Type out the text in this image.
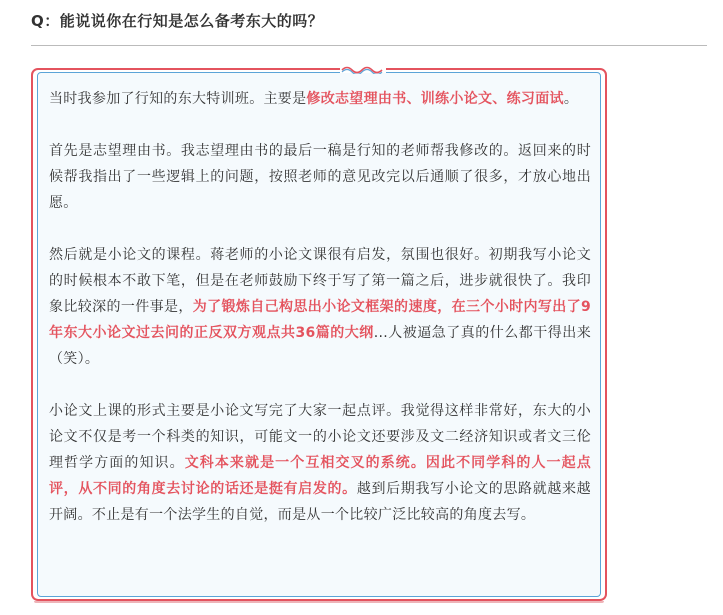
Q：能说说你在行知是怎么备考东大的吗？

当时我参加了行知的东大特训班。主要是修改志望理由书、训练小论文、练习面试。

首先是志望理由书。我志望理由书的最后一稿是行知的老师帮我修改的。返回来的时候帮我指出了一些逻辑上的问题，按照老师的意见改完以后通顺了很多，才放心地出愿。

然后就是小论文的课程。蒋老师的小论文课很有启发，氛围也很好。初期我写小论文的时候根本不敢下笔，但是在老师鼓励下终于写了第一篇之后，进步就很快了。我印象比较深的一件事是，为了锻炼自己构思出小论文框架的速度，在三个小时内写出了9年东大小论文过去问的正反双方观点共36篇的大纲...人被逼急了真的什么都干得出来（笑）。

小论文上课的形式主要是小论文写完了大家一起点评。我觉得这样非常好，东大的小论文不仅是考一个科类的知识，可能文一的小论文还要涉及文二经济知识或者文三伦理哲学方面的知识。文科本来就是一个互相交叉的系统。因此不同学科的人一起点评，从不同的角度去讨论的话还是挺有启发的。越到后期我写小论文的思路就越来越开阔。不止是有一个法学生的自觉，而是从一个比较广泛比较高的角度去写。
